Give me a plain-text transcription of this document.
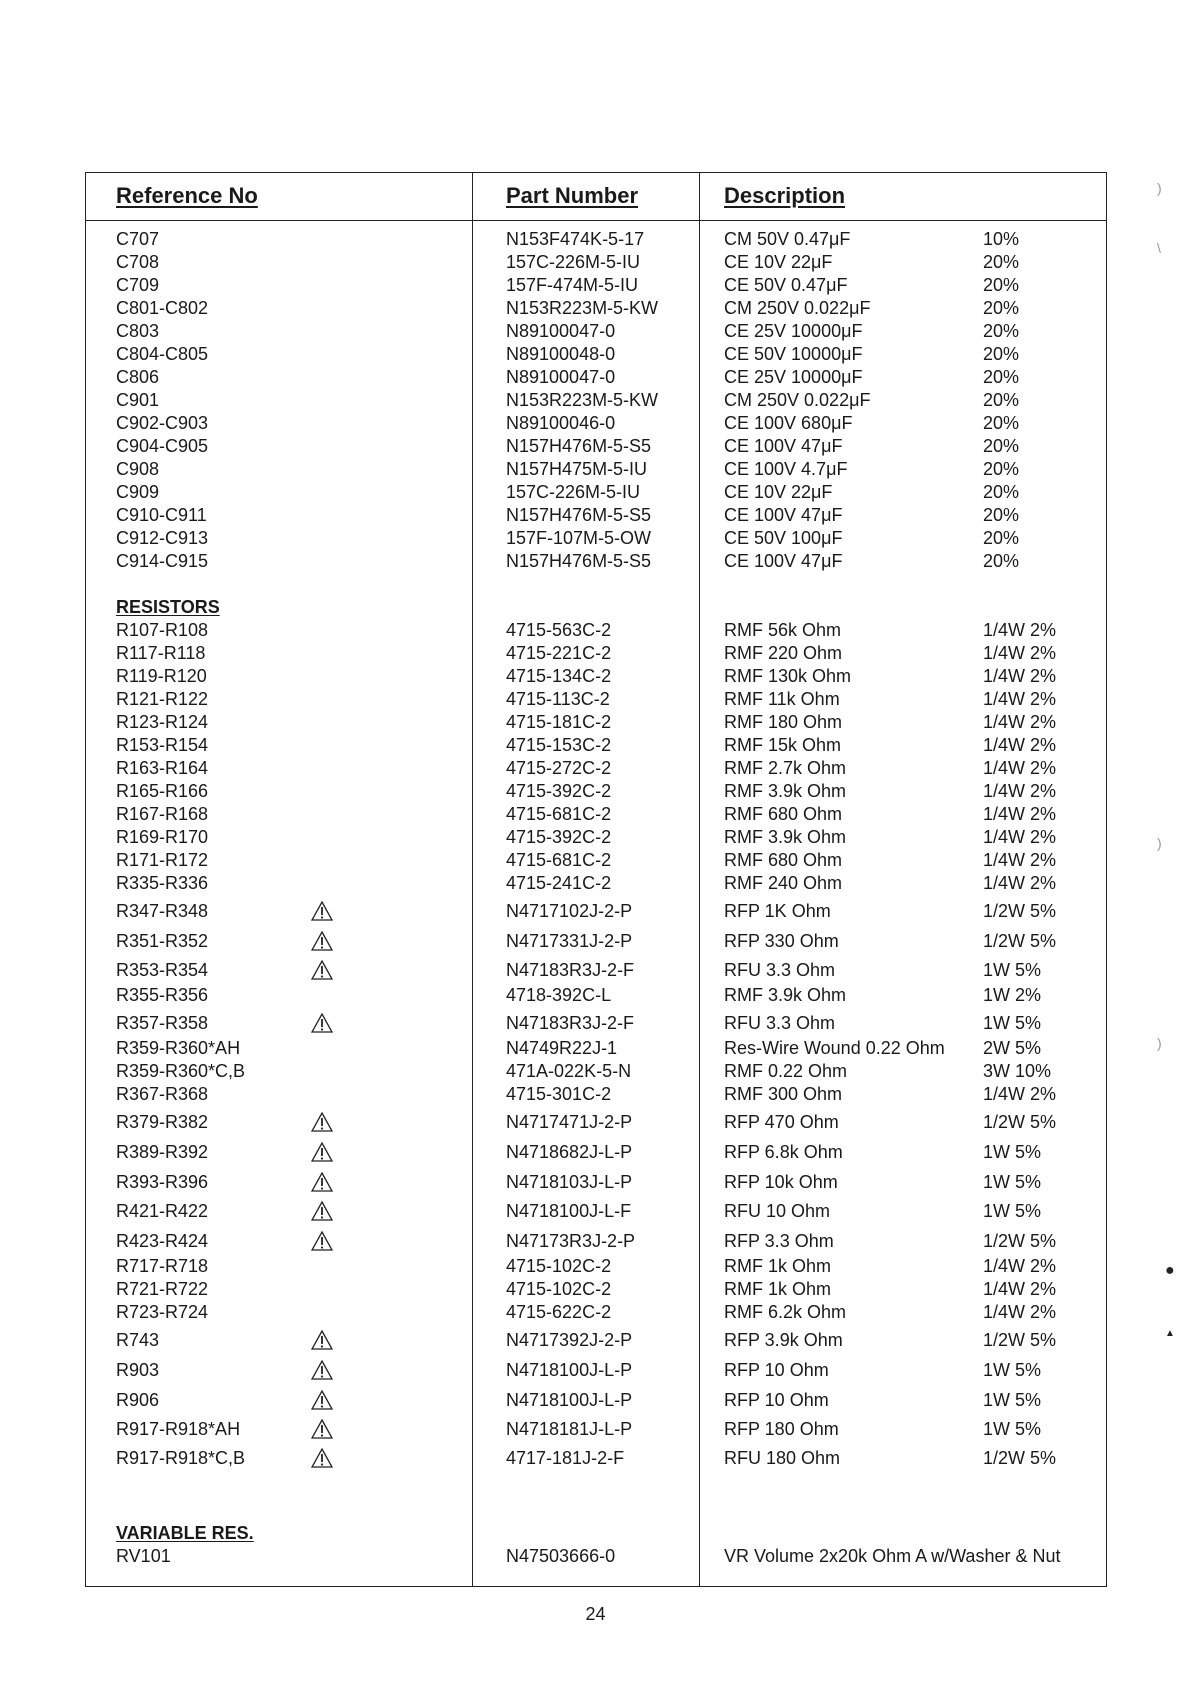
Reference No	Part Number	Description
C707	N153F474K-5-17	CM 50V 0.47μF	10%
C708	157C-226M-5-IU	CE 10V 22μF	20%
C709	157F-474M-5-IU	CE 50V 0.47μF	20%
C801-C802	N153R223M-5-KW	CM 250V 0.022μF	20%
C803	N89100047-0	CE 25V 10000μF	20%
C804-C805	N89100048-0	CE 50V 10000μF	20%
C806	N89100047-0	CE 25V 10000μF	20%
C901	N153R223M-5-KW	CM 250V 0.022μF	20%
C902-C903	N89100046-0	CE 100V 680μF	20%
C904-C905	N157H476M-5-S5	CE 100V 47μF	20%
C908	N157H475M-5-IU	CE 100V 4.7μF	20%
C909	157C-226M-5-IU	CE 10V 22μF	20%
C910-C911	N157H476M-5-S5	CE 100V 47μF	20%
C912-C913	157F-107M-5-OW	CE 50V 100μF	20%
C914-C915	N157H476M-5-S5	CE 100V 47μF	20%
RESISTORS
R107-R108	4715-563C-2	RMF 56k Ohm	1/4W 2%
R117-R118	4715-221C-2	RMF 220 Ohm	1/4W 2%
R119-R120	4715-134C-2	RMF 130k Ohm	1/4W 2%
R121-R122	4715-113C-2	RMF 11k Ohm	1/4W 2%
R123-R124	4715-181C-2	RMF 180 Ohm	1/4W 2%
R153-R154	4715-153C-2	RMF 15k Ohm	1/4W 2%
R163-R164	4715-272C-2	RMF 2.7k Ohm	1/4W 2%
R165-R166	4715-392C-2	RMF 3.9k Ohm	1/4W 2%
R167-R168	4715-681C-2	RMF 680 Ohm	1/4W 2%
R169-R170	4715-392C-2	RMF 3.9k Ohm	1/4W 2%
R171-R172	4715-681C-2	RMF 680 Ohm	1/4W 2%
R335-R336	4715-241C-2	RMF 240 Ohm	1/4W 2%
R347-R348	N4717102J-2-P	RFP 1K Ohm	1/2W 5%
R351-R352	N4717331J-2-P	RFP 330 Ohm	1/2W 5%
R353-R354	N47183R3J-2-F	RFU 3.3 Ohm	1W 5%
R355-R356	4718-392C-L	RMF 3.9k Ohm	1W 2%
R357-R358	N47183R3J-2-F	RFU 3.3 Ohm	1W 5%
R359-R360*AH	N4749R22J-1	Res-Wire Wound 0.22 Ohm 2W 5%
R359-R360*C,B	471A-022K-5-N	RMF 0.22 Ohm	3W 10%
R367-R368	4715-301C-2	RMF 300 Ohm	1/4W 2%
R379-R382	N4717471J-2-P	RFP 470 Ohm	1/2W 5%
R389-R392	N4718682J-L-P	RFP 6.8k Ohm	1W 5%
R393-R396	N4718103J-L-P	RFP 10k Ohm	1W 5%
R421-R422	N4718100J-L-F	RFU 10 Ohm	1W 5%
R423-R424	N47173R3J-2-P	RFP 3.3 Ohm	1/2W 5%
R717-R718	4715-102C-2	RMF 1k Ohm	1/4W 2%
R721-R722	4715-102C-2	RMF 1k Ohm	1/4W 2%
R723-R724	4715-622C-2	RMF 6.2k Ohm	1/4W 2%
R743	N4717392J-2-P	RFP 3.9k Ohm	1/2W 5%
R903	N4718100J-L-P	RFP 10 Ohm	1W 5%
R906	N4718100J-L-P	RFP 10 Ohm	1W 5%
R917-R918*AH	N4718181J-L-P	RFP 180 Ohm	1W 5%
R917-R918*C,B	4717-181J-2-F	RFU 180 Ohm	1/2W 5%
VARIABLE RES.
RV101	N47503666-0	VR Volume 2x20k Ohm A w/Washer & Nut
24
)
\
)
)
●
▲
